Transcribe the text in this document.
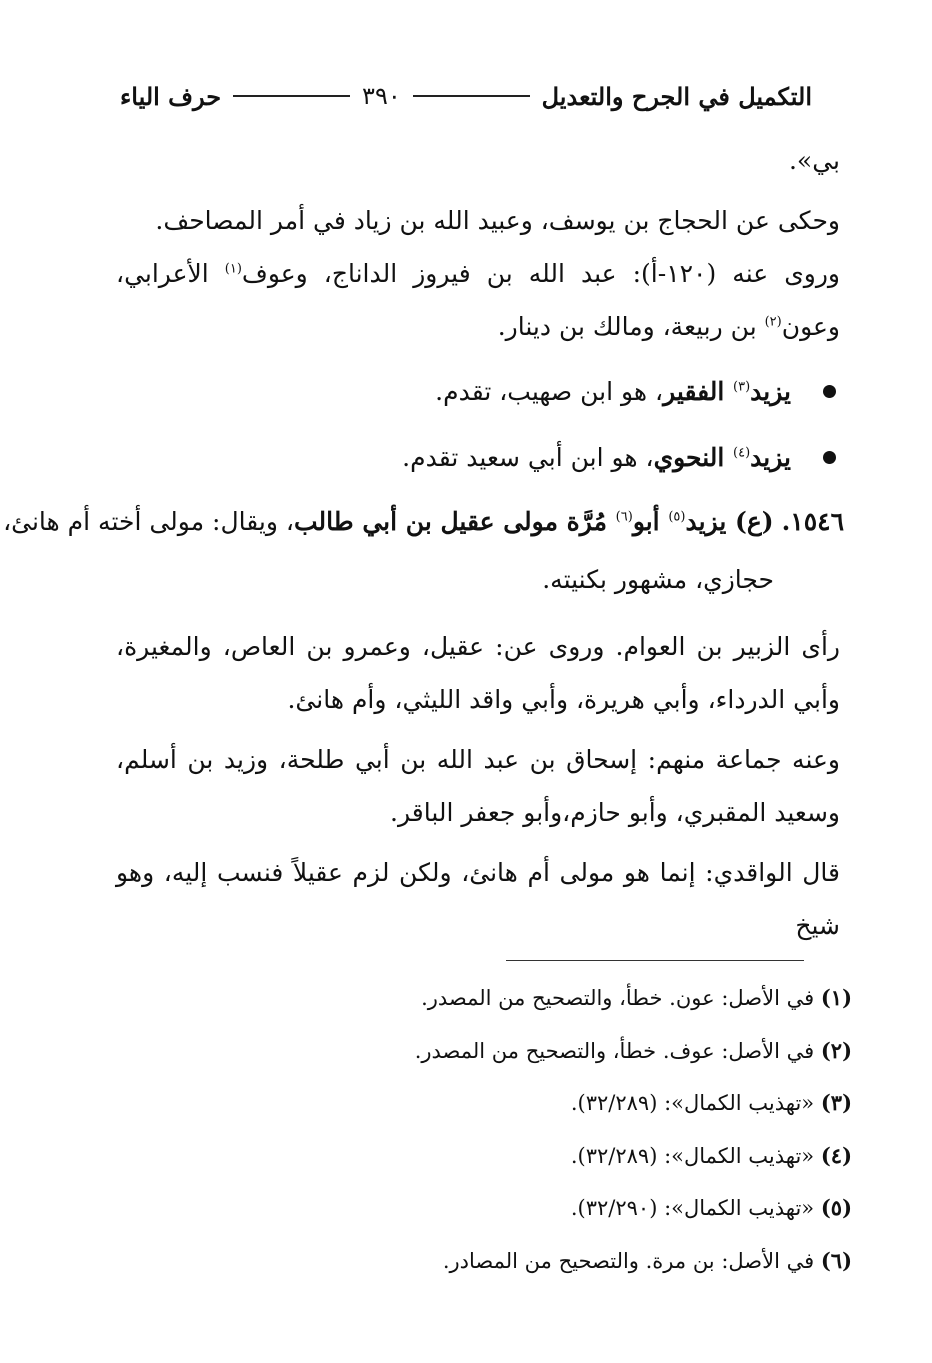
التكميل في الجرح والتعديل
٣٩٠
حرف الياء

بي».

وحكى عن الحجاج بن يوسف، وعبيد الله بن زياد في أمر المصاحف.

وروى عنه (١٢٠-أ): عبد الله بن فيروز الداناج، وعوف$^{(١)}$ الأعرابي، وعون$^{(٢)}$ بن ربيعة، ومالك بن دينار.

يزيد$^{(٣)}$ الفقير، هو ابن صهيب، تقدم.
يزيد$^{(٤)}$ النحوي، هو ابن أبي سعيد تقدم.
١٥٤٦. (ع) يزيد$^{(٥)}$ أبو$^{(٦)}$ مُرَّة مولى عقيل بن أبي طالب، ويقال: مولى أخته أم هانئ،
حجازي، مشهور بكنيته.

رأى الزبير بن العوام. وروى عن: عقيل، وعمرو بن العاص، والمغيرة، وأبي الدرداء، وأبي هريرة، وأبي واقد الليثي، وأم هانئ.

وعنه جماعة منهم: إسحاق بن عبد الله بن أبي طلحة، وزيد بن أسلم، وسعيد المقبري، وأبو حازم،وأبو جعفر الباقر.

قال الواقدي: إنما هو مولى أم هانئ، ولكن لزم عقيلاً فنسب إليه، وهو شيخ

(١) في الأصل: عون. خطأ، والتصحيح من المصدر.

(٢) في الأصل: عوف. خطأ، والتصحيح من المصدر.

(٣) «تهذيب الكمال»: (٣٢/٢٨٩).

(٤) «تهذيب الكمال»: (٣٢/٢٨٩).

(٥) «تهذيب الكمال»: (٣٢/٢٩٠).

(٦) في الأصل: بن مرة. والتصحيح من المصادر.
